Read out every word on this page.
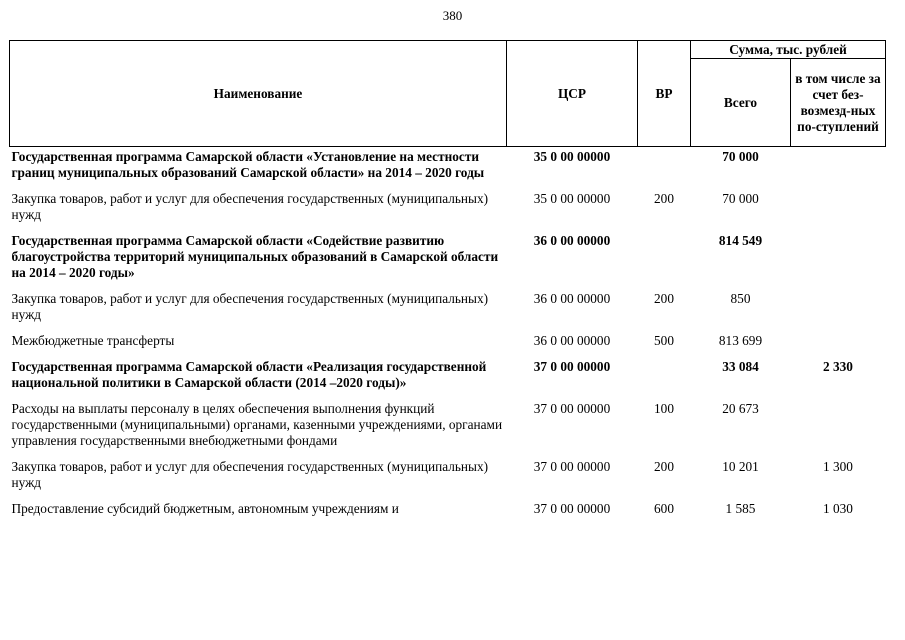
380
Наименование	ЦСР	ВР	Сумма, тыс. рублей	
			Всего	в том числе за счет без-возмезд-ных по-ступлений
Государственная программа Самарской области «Установление на местности границ муниципальных образований Самарской области» на 2014 – 2020 годы	35 0 00 00000		70 000	
Закупка товаров, работ и услуг для обеспечения государственных (муниципальных) нужд	35 0 00 00000	200	70 000	
Государственная программа Самарской области «Содействие развитию благоустройства территорий муниципальных образований в Самарской области на 2014 – 2020 годы»	36 0 00 00000		814 549	
Закупка товаров, работ и услуг для обеспечения государственных (муниципальных) нужд	36 0 00 00000	200	850	
Межбюджетные трансферты	36 0 00 00000	500	813 699	
Государственная программа Самарской области «Реализация государственной национальной политики в Самарской области (2014 –2020 годы)»	37 0 00 00000		33 084	2 330
Расходы на выплаты персоналу в целях обеспечения выполнения функций государственными (муниципальными) органами, казенными учреждениями, органами управления государственными внебюджетными фондами	37 0 00 00000	100	20 673	
Закупка товаров, работ и услуг для обеспечения государственных (муниципальных) нужд	37 0 00 00000	200	10 201	1 300
Предоставление субсидий бюджетным, автономным учреждениям и	37 0 00 00000	600	1 585	1 030
